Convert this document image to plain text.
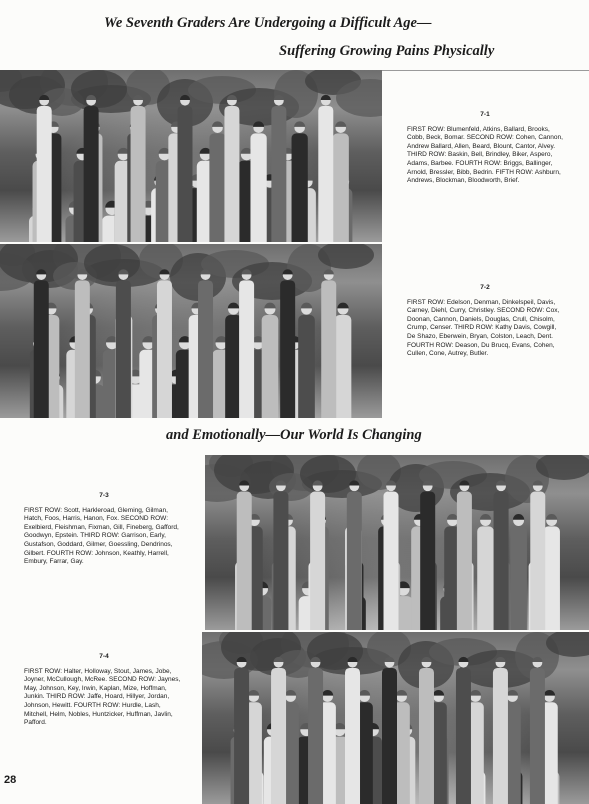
We Seventh Graders Are Undergoing a Difficult Age—
Suffering Growing Pains Physically
7-1
FIRST ROW: Blumenfeld, Atkins, Ballard, Brooks, Cobb, Beck, Bomar. SECOND ROW: Cohen, Cannon, Andrew Ballard, Allen, Beard, Blount, Cantor, Alvey. THIRD ROW: Baskin, Bell, Brindley, Biker, Aspero, Adams, Barbee. FOURTH ROW: Briggs, Ballinger, Arnold, Bressler, Bibb, Bedrin. FIFTH ROW: Ashburn, Andrews, Blockman, Bloodworth, Brief.
7-2
FIRST ROW: Edelson, Denman, Dinkelspeil, Davis, Carney, Diehl, Curry, Christley. SECOND ROW: Cox, Doonan, Cannon, Daniels, Douglas, Crull, Chisolm, Crump, Censer. THIRD ROW: Kathy Davis, Cowgill, De Shazo, Eberwein, Bryan, Colston, Leach, Dent. FOURTH ROW: Deason, Du Brucq, Evans, Cohen, Cullen, Cone, Autrey, Butler.
and Emotionally—Our World Is Changing
7-3
FIRST ROW: Scott, Harkleroad, Gleming, Gilman, Hatch, Foos, Harris, Hanon, Fox. SECOND ROW: Exelbierd, Fleishman, Fixman, Gill, Fineberg, Gafford, Goodwyn, Epstein. THIRD ROW: Garrison, Early, Gustafson, Goddard, Gilmer, Goessling, Dendrinos, Gilbert. FOURTH ROW: Johnson, Keathly, Harrell, Embury, Farrar, Gay.
7-4
FIRST ROW: Halter, Holloway, Stout, James, Jobe, Joyner, McCullough, McRee. SECOND ROW: Jaynes, May, Johnson, Key, Irwin, Kaplan, Mize, Hoffman, Junkin. THIRD ROW: Jaffe, Hoard, Hillyer, Jordan, Johnson, Hewitt. FOURTH ROW: Hurdle, Lash, Mitchell, Helm, Nobles, Huntzicker, Huffman, Javlin, Pafford.
28
